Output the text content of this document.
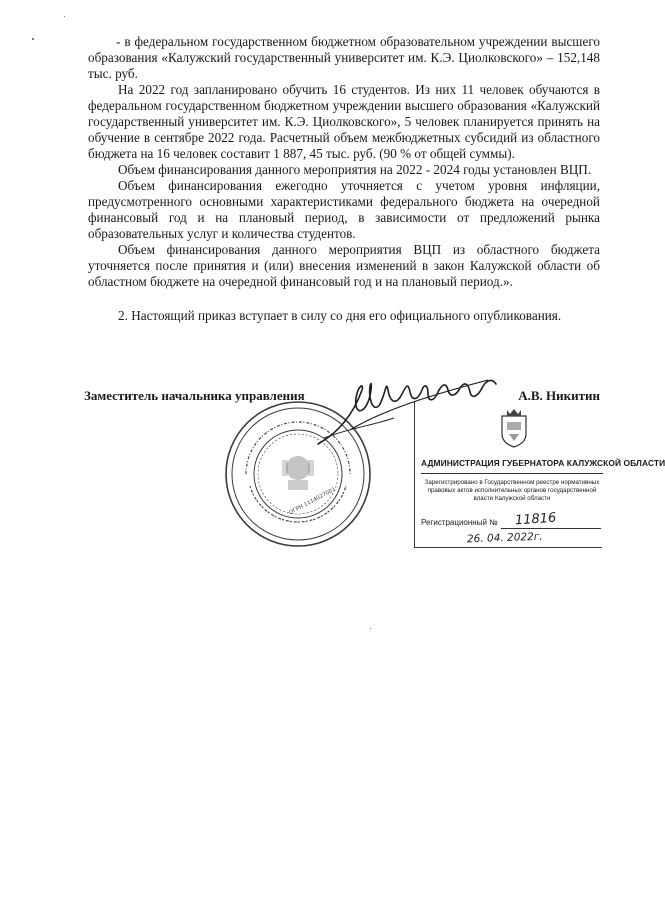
- в федеральном государственном бюджетном образовательном учреждении высшего образования «Калужский государственный университет им. К.Э. Циолковского» – 152,148 тыс. руб.

На 2022 год запланировано обучить 16 студентов. Из них 11 человек обучаются в федеральном государственном бюджетном учреждении высшего образования «Калужский государственный университет им. К.Э. Циолковского», 5 человек планируется принять на обучение в сентябре 2022 года. Расчетный объем межбюджетных субсидий из областного бюджета на 16 человек составит 1 887, 45 тыс. руб. (90 % от общей суммы).

Объем финансирования данного мероприятия на 2022 - 2024 годы установлен ВЦП.

Объем финансирования ежегодно уточняется с учетом уровня инфляции, предусмотренного основными характеристиками федерального бюджета на очередной финансовый год и на плановый период, в зависимости от предложений рынка образовательных услуг и количества студентов.

Объем финансирования данного мероприятия ВЦП из областного бюджета уточняется после принятия и (или) внесения изменений в закон Калужской области об областном бюджете на очередной финансовый год и на плановый период.».

2. Настоящий приказ вступает в силу со дня его официального опубликования.

Заместитель начальника управления	А.В. Никитин
ОГРН 1114027001
АДМИНИСТРАЦИЯ ГУБЕРНАТОРА КАЛУЖСКОЙ ОБЛАСТИ
Зарегистрировано в Государственном реестре нормативных правовых актов исполнительных органов государственной власти Калужской области
Регистрационный № 11816
26. 04. 2022г.
